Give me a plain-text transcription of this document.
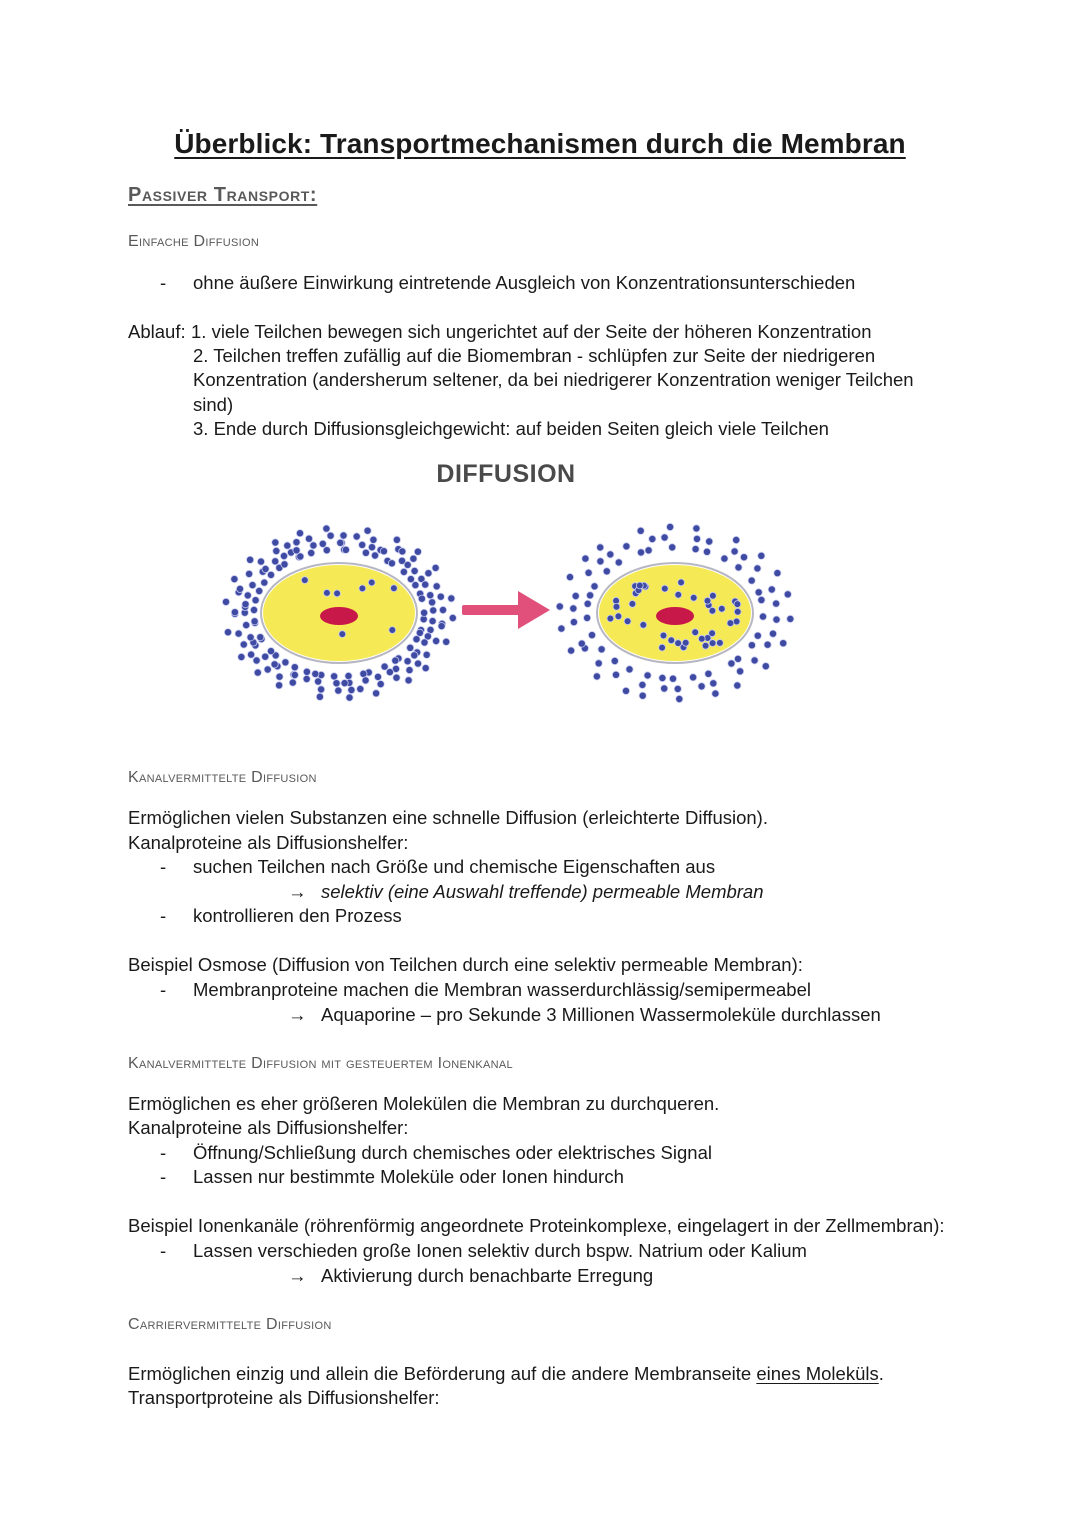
Überblick: Transportmechanismen durch die Membran
Passiver Transport:
Einfache Diffusion
- ohne äußere Einwirkung eintretende Ausgleich von Konzentrationsunterschieden
Ablauf: 1. viele Teilchen bewegen sich ungerichtet auf der Seite der höheren Konzentration
2. Teilchen treffen zufällig auf die Biomembran - schlüpfen zur Seite der niedrigeren
Konzentration (andersherum seltener, da bei niedrigerer Konzentration weniger Teilchen
sind)
3. Ende durch Diffusionsgleichgewicht: auf beiden Seiten gleich viele Teilchen
DIFFUSION
Kanalvermittelte Diffusion
Ermöglichen vielen Substanzen eine schnelle Diffusion (erleichterte Diffusion).
Kanalproteine als Diffusionshelfer:
- suchen Teilchen nach Größe und chemische Eigenschaften aus
→ selektiv (eine Auswahl treffende) permeable Membran
- kontrollieren den Prozess
Beispiel Osmose (Diffusion von Teilchen durch eine selektiv permeable Membran):
- Membranproteine machen die Membran wasserdurchlässig/semipermeabel
→ Aquaporine – pro Sekunde 3 Millionen Wassermoleküle durchlassen
Kanalvermittelte Diffusion mit gesteuertem Ionenkanal
Ermöglichen es eher größeren Molekülen die Membran zu durchqueren.
Kanalproteine als Diffusionshelfer:
- Öffnung/Schließung durch chemisches oder elektrisches Signal
- Lassen nur bestimmte Moleküle oder Ionen hindurch
Beispiel Ionenkanäle (röhrenförmig angeordnete Proteinkomplexe, eingelagert in der Zellmembran):
- Lassen verschieden große Ionen selektiv durch bspw. Natrium oder Kalium
→ Aktivierung durch benachbarte Erregung
Carriervermittelte Diffusion
Ermöglichen einzig und allein die Beförderung auf die andere Membranseite eines Moleküls.
Transportproteine als Diffusionshelfer:
